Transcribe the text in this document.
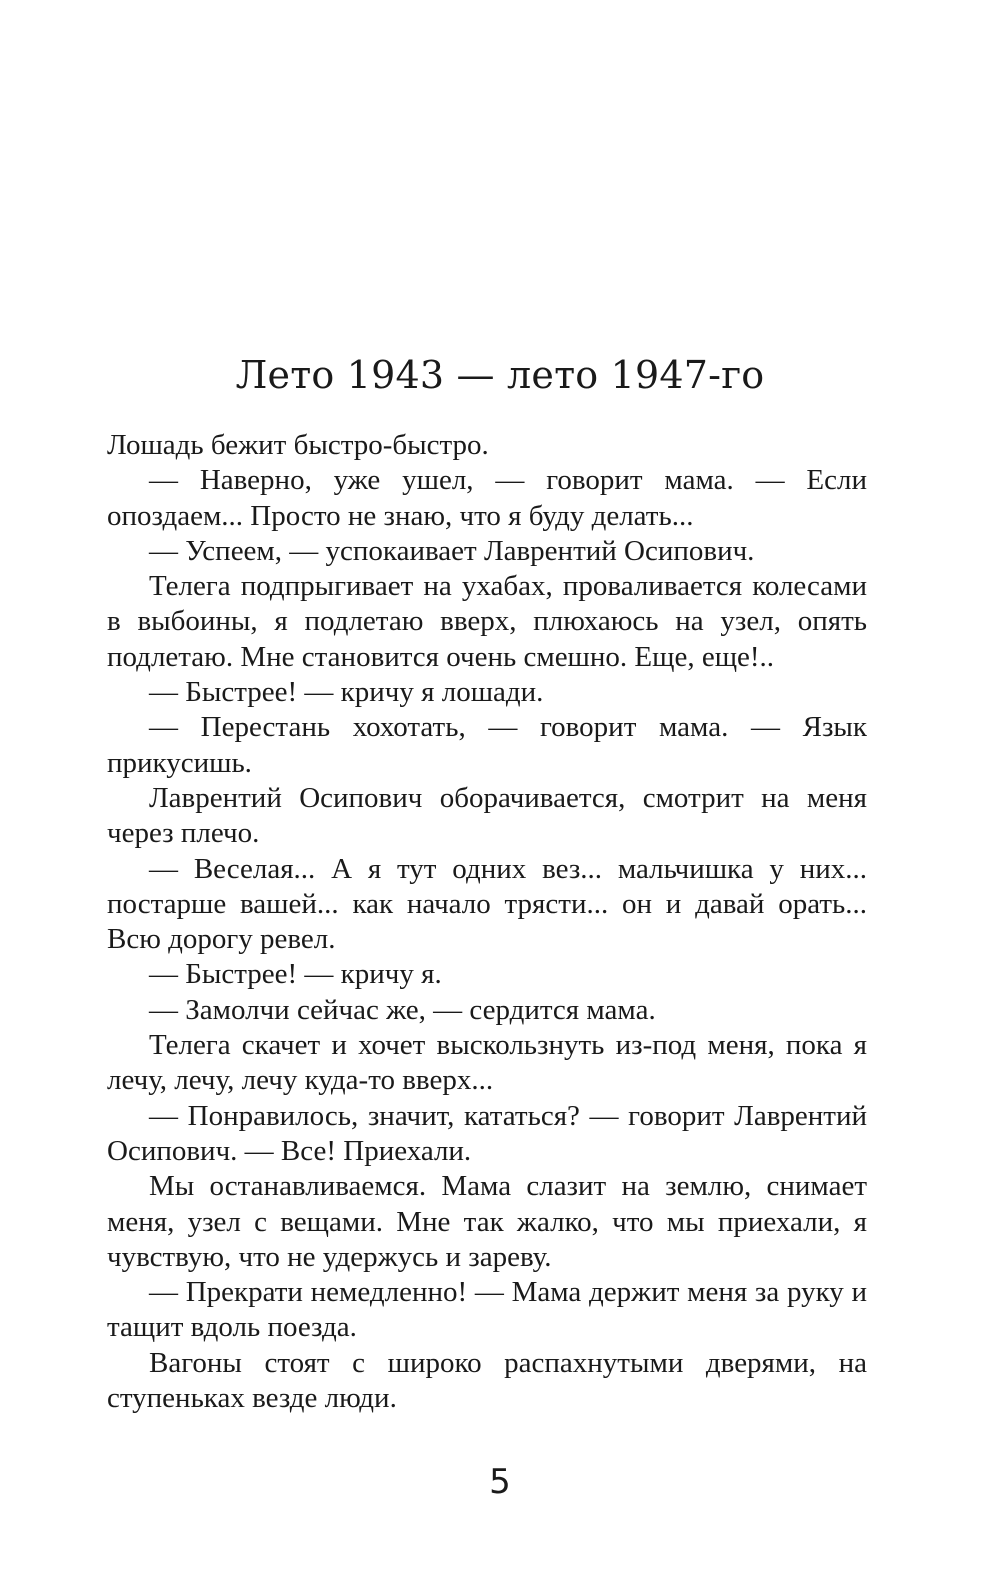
Лето 1943 — лето 1947-го

Лошадь бежит быстро-быстро.

— Наверно, уже ушел, — говорит мама. — Если опоздаем... Просто не знаю, что я буду делать...

— Успеем, — успокаивает Лаврентий Осипович.

Телега подпрыгивает на ухабах, проваливается колесами в выбоины, я подлетаю вверх, плюхаюсь на узел, опять подлетаю. Мне становится очень смешно. Еще, еще!..

— Быстрее! — кричу я лошади.

— Перестань хохотать, — говорит мама. — Язык прикусишь.

Лаврентий Осипович оборачивается, смотрит на меня через плечо.

— Веселая... А я тут одних вез... мальчишка у них... постарше вашей... как начало трясти... он и давай орать... Всю дорогу ревел.

— Быстрее! — кричу я.

— Замолчи сейчас же, — сердится мама.

Телега скачет и хочет выскользнуть из-под меня, пока я лечу, лечу, лечу куда-то вверх...

— Понравилось, значит, кататься? — говорит Лаврентий Осипович. — Все! Приехали.

Мы останавливаемся. Мама слазит на землю, снимает меня, узел с вещами. Мне так жалко, что мы приехали, я чувствую, что не удержусь и зареву.

— Прекрати немедленно! — Мама держит меня за руку и тащит вдоль поезда.

Вагоны стоят с широко распахнутыми дверями, на ступеньках везде люди.

5
